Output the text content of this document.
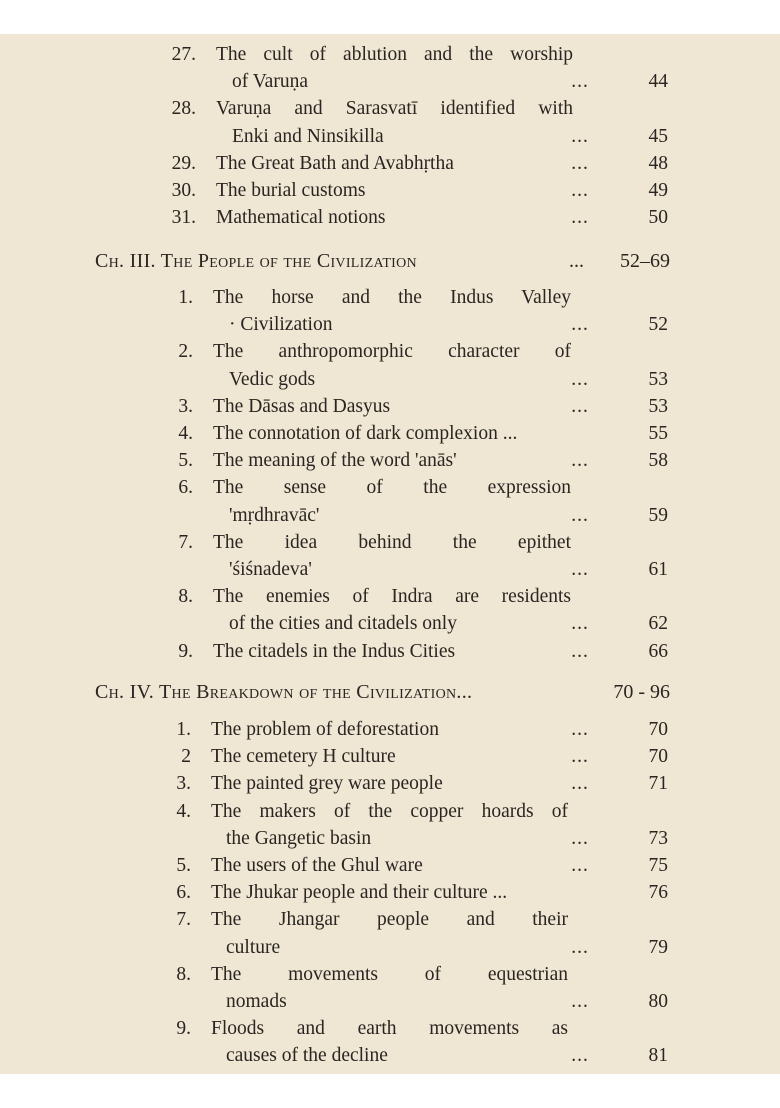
27. The cult of ablution and the worship
of Varuṇa	...	44
28. Varuṇa and Sarasvatī identified with
Enki and Ninsikilla	...	45
29. The Great Bath and Avabhṛtha	...	48
30. The burial customs	...	49
31. Mathematical notions	...	50
Ch. III. The People of the Civilization	... 52–69
1. The horse and the Indus Valley
· Civilization	...	52
2. The anthropomorphic character of
Vedic gods	...	53
3. The Dāsas and Dasyus	...	53
4. The connotation of dark complexion ...	55
5. The meaning of the word 'anās'	...	58
6. The sense of the expression
'mṛdhravāc'	...	59
7. The idea behind the epithet
'śiśnadeva'	...	61
8. The enemies of Indra are residents
of the cities and citadels only	...	62
9. The citadels in the Indus Cities	...	66
Ch. IV. The Breakdown of the Civilization...	70 - 96
1. The problem of deforestation	...	70
2 The cemetery H culture	...	70
3. The painted grey ware people	...	71
4. The makers of the copper hoards of
the Gangetic basin	...	73
5. The users of the Ghul ware	...	75
6. The Jhukar people and their culture ...	76
7. The Jhangar people and their
culture	...	79
8. The movements of equestrian
nomads	...	80
9. Floods and earth movements as
causes of the decline	...	81
